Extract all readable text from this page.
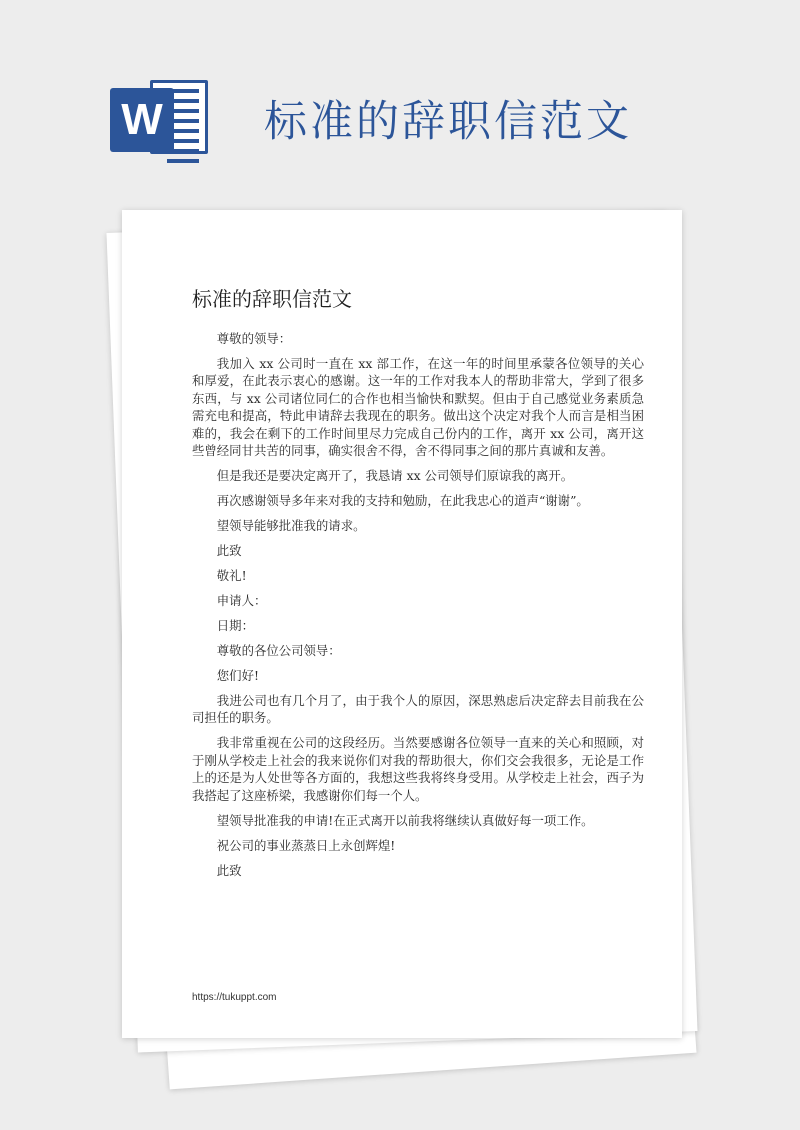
W 标准的辞职信范文
标准的辞职信范文

尊敬的领导：

我加入 xx 公司时一直在 xx 部工作，在这一年的时间里承蒙各位领导的关心和厚爱，在此表示衷心的感谢。这一年的工作对我本人的帮助非常大，学到了很多东西，与 xx 公司诸位同仁的合作也相当愉快和默契。但由于自己感觉业务素质急需充电和提高，特此申请辞去我现在的职务。做出这个决定对我个人而言是相当困难的，我会在剩下的工作时间里尽力完成自己份内的工作，离开 xx 公司，离开这些曾经同甘共苦的同事，确实很舍不得，舍不得同事之间的那片真诚和友善。

但是我还是要决定离开了，我恳请 xx 公司领导们原谅我的离开。

再次感谢领导多年来对我的支持和勉励，在此我忠心的道声“谢谢”。

望领导能够批准我的请求。

此致

敬礼!

申请人：

日期：

尊敬的各位公司领导：

您们好!

我进公司也有几个月了，由于我个人的原因，深思熟虑后决定辞去目前我在公司担任的职务。

我非常重视在公司的这段经历。当然要感谢各位领导一直来的关心和照顾，对于刚从学校走上社会的我来说你们对我的帮助很大，你们交会我很多，无论是工作上的还是为人处世等各方面的，我想这些我将终身受用。从学校走上社会，西子为我搭起了这座桥梁，我感谢你们每一个人。

望领导批准我的申请!在正式离开以前我将继续认真做好每一项工作。

祝公司的事业蒸蒸日上永创辉煌!

此致

https://tukuppt.com
